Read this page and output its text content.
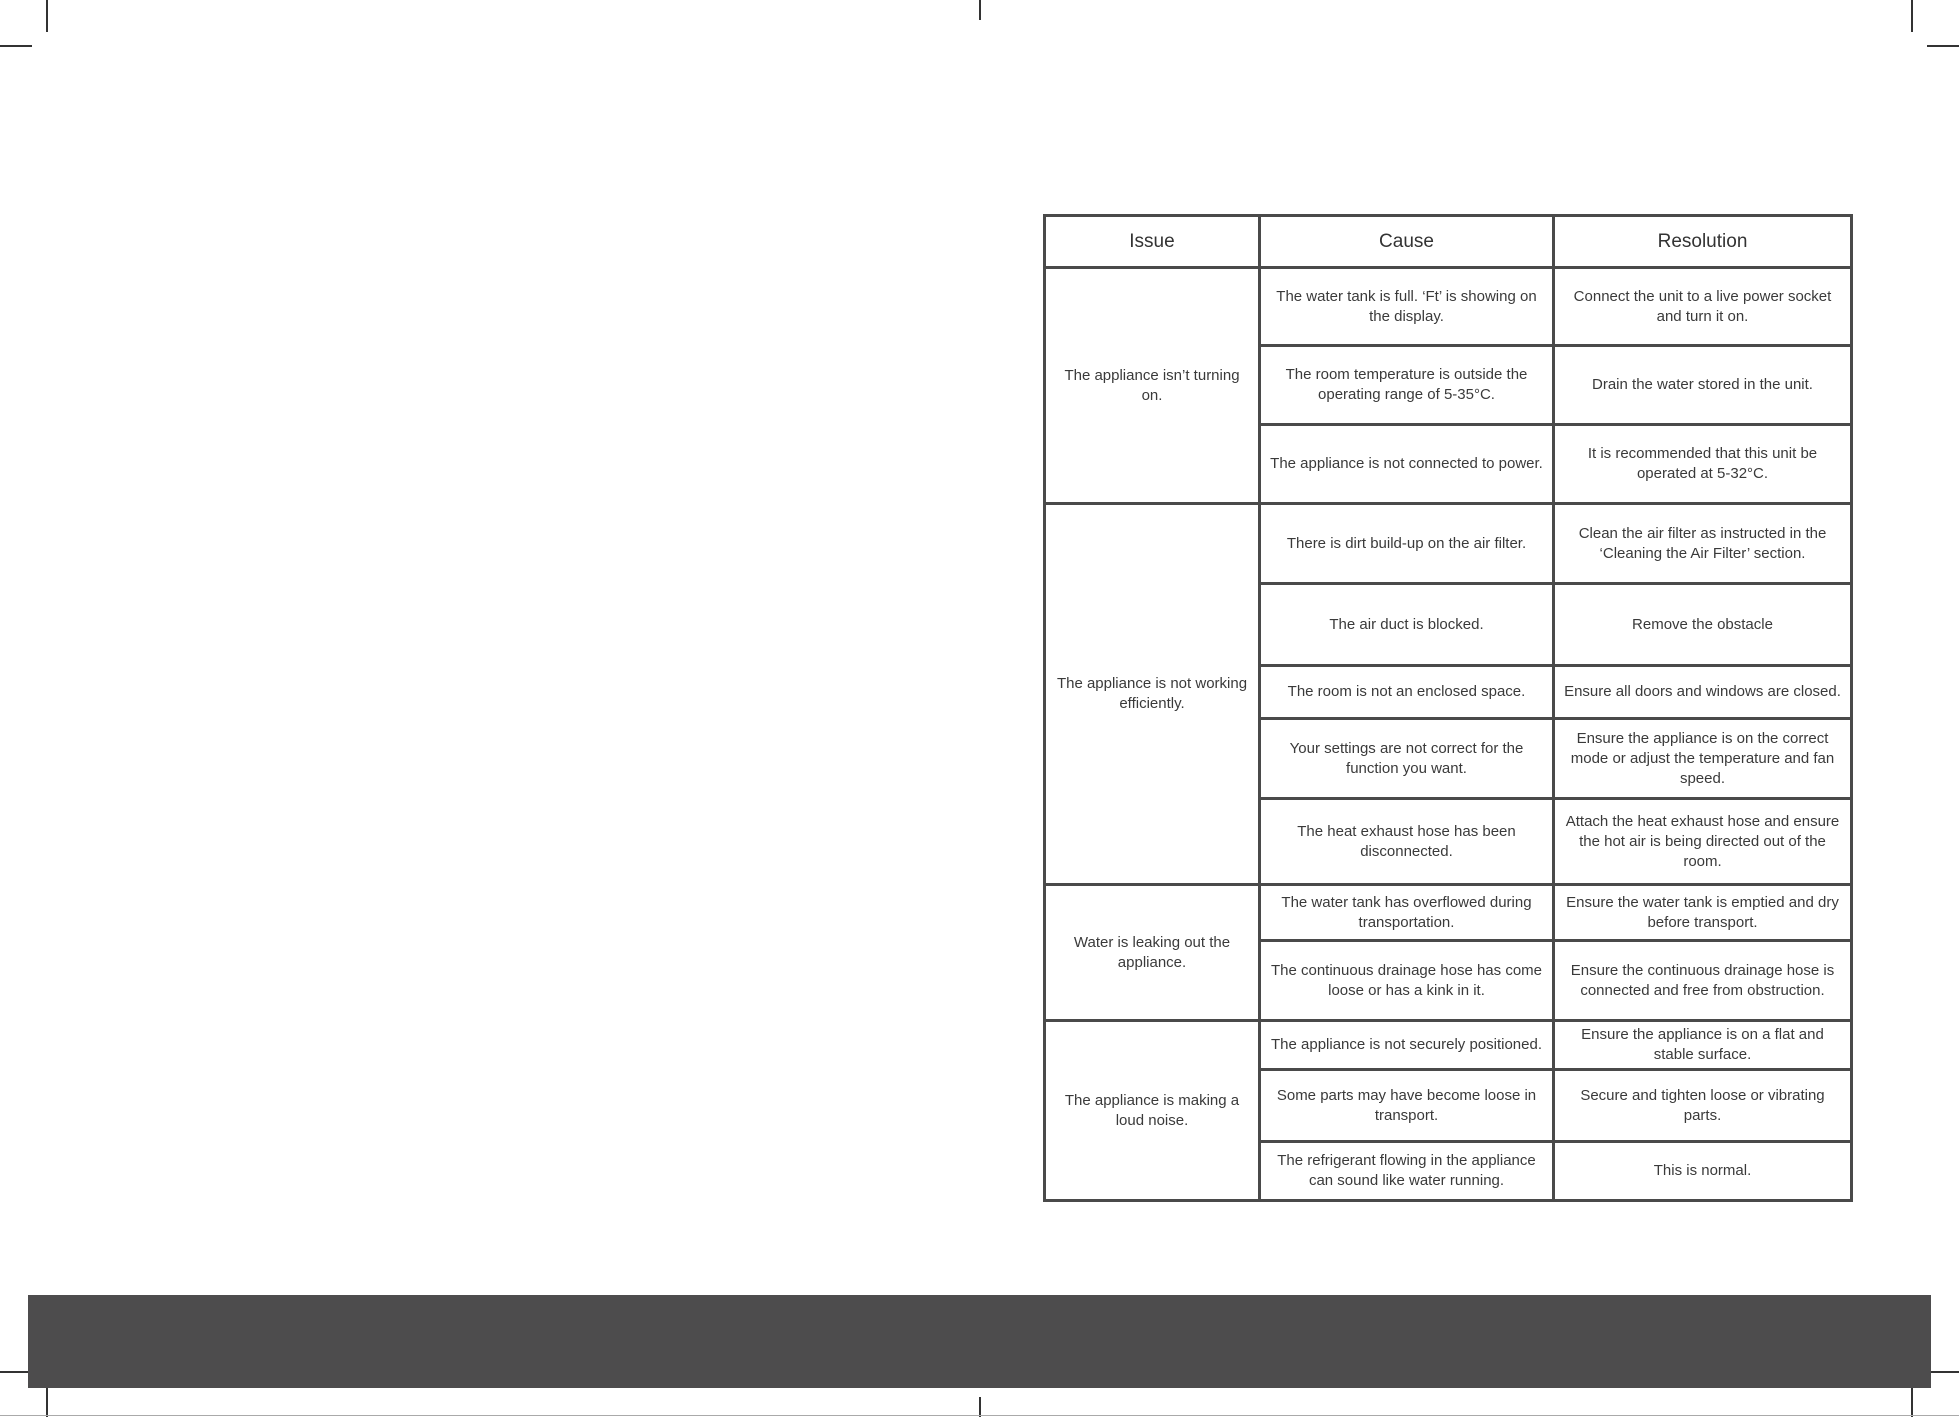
Issue	Cause	Resolution
The appliance isn’t turning on.	The water tank is full. ‘Ft’ is showing on the display.	Connect the unit to a live power socket and turn it on.
	The room temperature is outside the operating range of 5-35°C.	Drain the water stored in the unit.
	The appliance is not connected to power.	It is recommended that this unit be operated at 5-32°C.
The appliance is not working efficiently.	There is dirt build-up on the air filter.	Clean the air filter as instructed in the ‘Cleaning the Air Filter’ section.
	The air duct is blocked.	Remove the obstacle
	The room is not an enclosed space.	Ensure all doors and windows are closed.
	Your settings are not correct for the function you want.	Ensure the appliance is on the correct mode or adjust the temperature and fan speed.
	The heat exhaust hose has been disconnected.	Attach the heat exhaust hose and ensure the hot air is being directed out of the room.
Water is leaking out the appliance.	The water tank has overflowed during transportation.	Ensure the water tank is emptied and dry before transport.
	The continuous drainage hose has come loose or has a kink in it.	Ensure the continuous drainage hose is connected and free from obstruction.
The appliance is making a loud noise.	The appliance is not securely positioned.	Ensure the appliance is on a flat and stable surface.
	Some parts may have become loose in transport.	Secure and tighten loose or vibrating parts.
	The refrigerant flowing in the appliance can sound like water running.	This is normal.
